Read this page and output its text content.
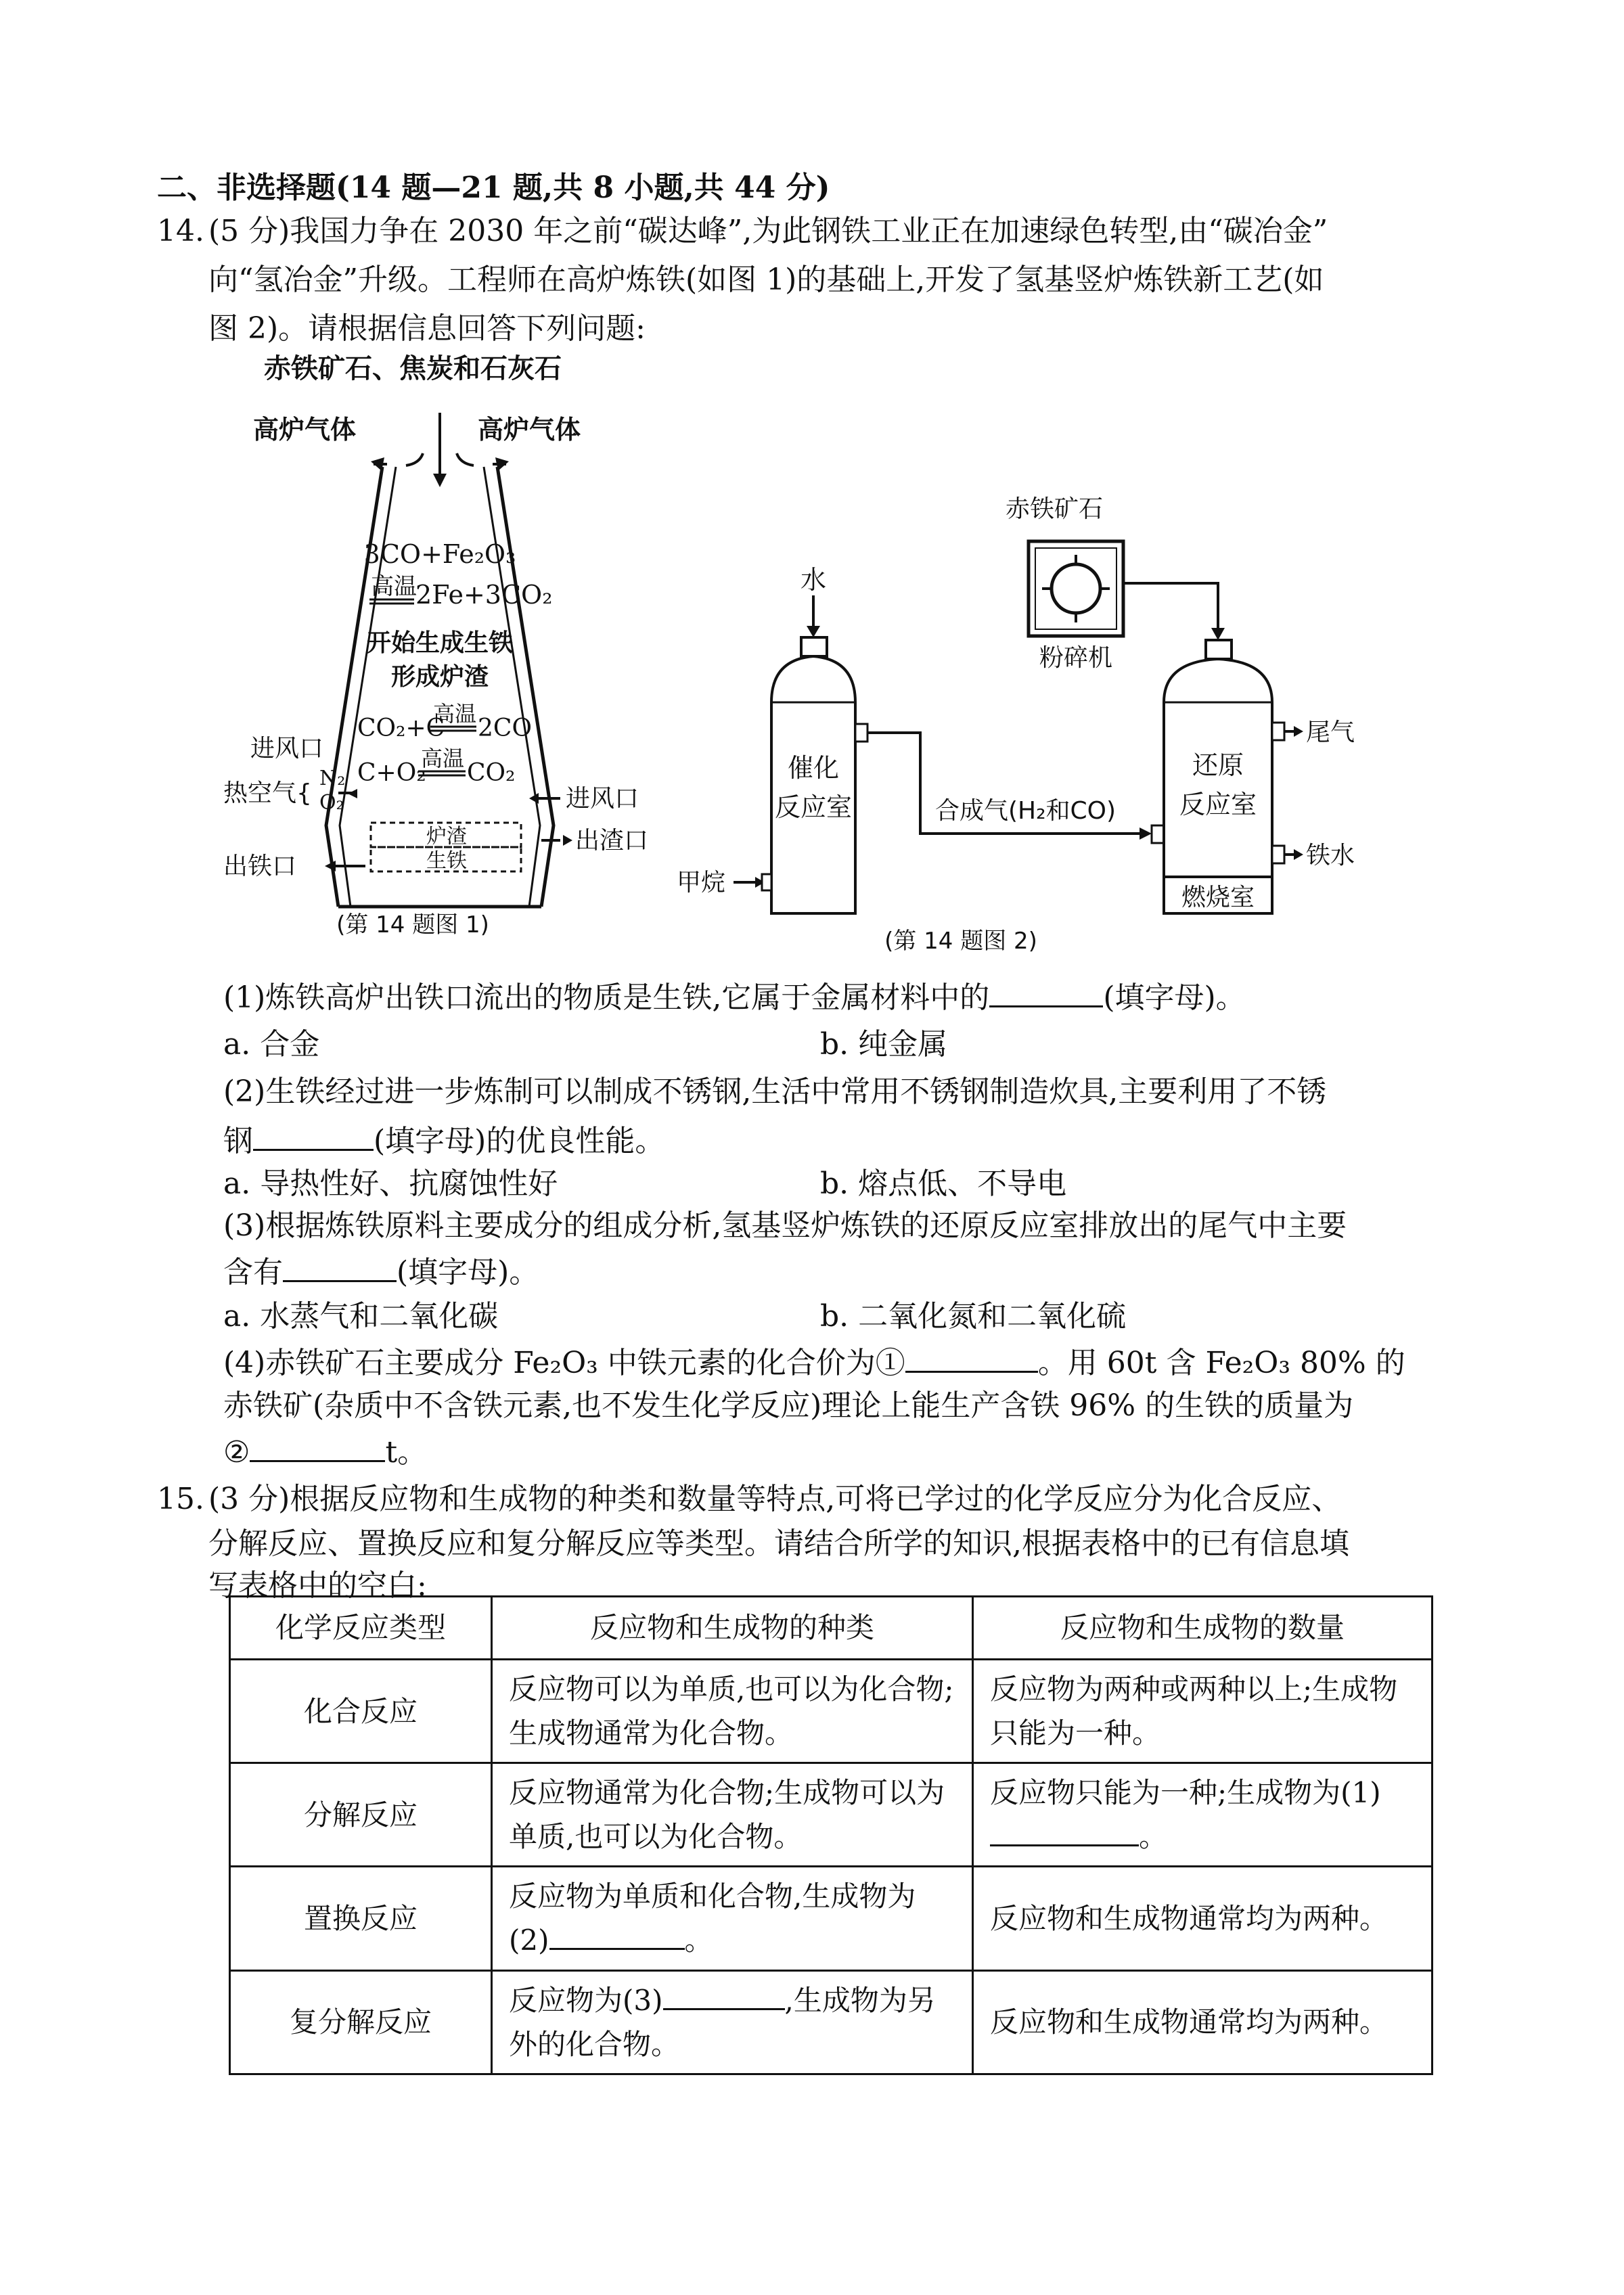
二、非选择题(14 题—21 题,共 8 小题,共 44 分)
14. (5 分)我国力争在 2030 年之前“碳达峰”,为此钢铁工业正在加速绿色转型,由“碳冶金”
向“氢冶金”升级。工程师在高炉炼铁(如图 1)的基础上,开发了氢基竖炉炼铁新工艺(如
图 2)。请根据信息回答下列问题:
赤铁矿石、焦炭和石灰石
高炉气体	高炉气体
3CO+Fe₂O₃
高温
2Fe+3CO₂
开始生成生铁
形成炉渣
CO₂+C
高温
2CO
C+O₂
高温
CO₂
进风口
热空气{
N₂
O₂	进风口
出渣口
炉渣
生铁
出铁口
(第 14 题图 1)
水
催化
反应室
甲烷
合成气(H₂和CO)
赤铁矿石
粉碎机
还原
反应室
燃烧室
尾气
铁水
(第 14 题图 2)
(1)炼铁高炉出铁口流出的物质是生铁,它属于金属材料中的	(填字母)。
a. 合金	b. 纯金属
(2)生铁经过进一步炼制可以制成不锈钢,生活中常用不锈钢制造炊具,主要利用了不锈
钢	(填字母)的优良性能。
a. 导热性好、抗腐蚀性好	b. 熔点低、不导电
(3)根据炼铁原料主要成分的组成分析,氢基竖炉炼铁的还原反应室排放出的尾气中主要
含有	(填字母)。
a. 水蒸气和二氧化碳	b. 二氧化氮和二氧化硫
(4)赤铁矿石主要成分 Fe₂O₃ 中铁元素的化合价为①	。用 60t 含 Fe₂O₃ 80% 的
赤铁矿(杂质中不含铁元素,也不发生化学反应)理论上能生产含铁 96% 的生铁的质量为
②	t。
15. (3 分)根据反应物和生成物的种类和数量等特点,可将已学过的化学反应分为化合反应、
分解反应、置换反应和复分解反应等类型。请结合所学的知识,根据表格中的已有信息填
写表格中的空白:
化学反应类型	反应物和生成物的种类	反应物和生成物的数量
化合反应	反应物可以为单质,也可以为化合物;生成物通常为化合物。	反应物为两种或两种以上;生成物只能为一种。
分解反应	反应物通常为化合物;生成物可以为单质,也可以为化合物。	反应物只能为一种;生成物为(1)。
置换反应	反应物为单质和化合物,生成物为(2) 。	反应物和生成物通常均为两种。
复分解反应	反应物为(3) ,生成物为另外的化合物。	反应物和生成物通常均为两种。
